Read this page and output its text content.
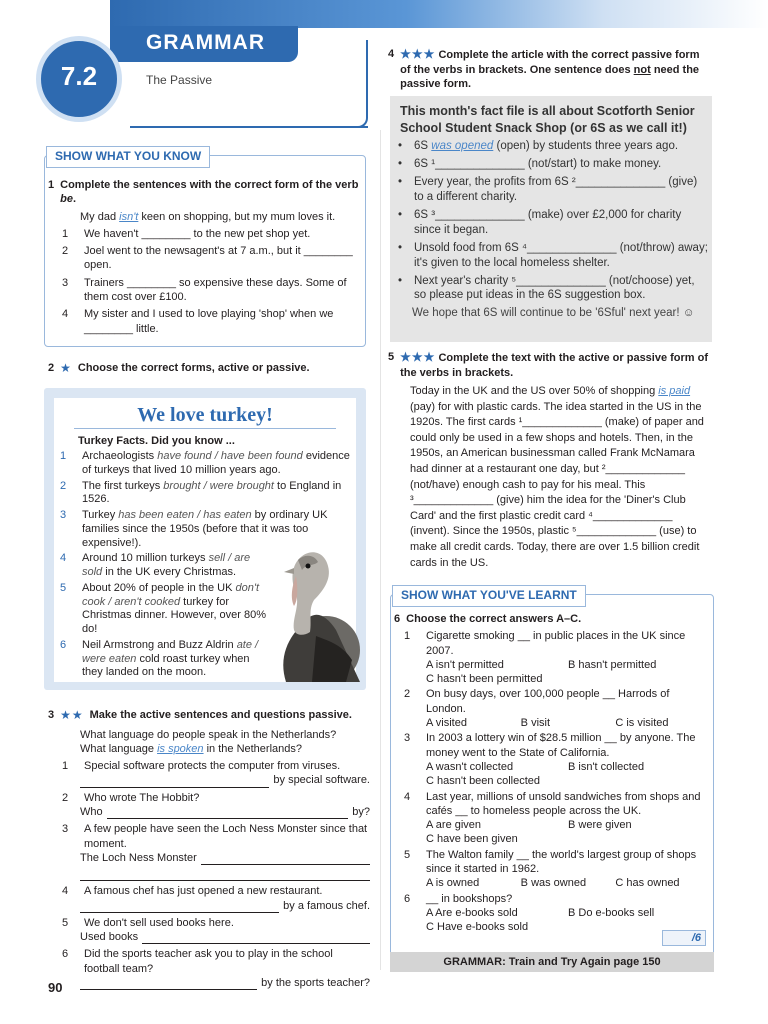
GRAMMAR
7.2	The Passive
SHOW WHAT YOU KNOW
1 Complete the sentences with the correct form of the verb be.
My dad isn't keen on shopping, but my mum loves it.
1	We haven't ________ to the new pet shop yet.
2	Joel went to the newsagent's at 7 a.m., but it ________ open.
3	Trainers ________ so expensive these days. Some of them cost over £100.
4	My sister and I used to love playing 'shop' when we ________ little.
2 ★ Choose the correct forms, active or passive.
We love turkey!
Turkey Facts. Did you know ...
1	Archaeologists have found / have been found evidence of turkeys that lived 10 million years ago.
2	The first turkeys brought / were brought to England in 1526.
3	Turkey has been eaten / has eaten by ordinary UK families since the 1950s (before that it was too expensive!).
4	Around 10 million turkeys sell / are sold in the UK every Christmas.
5	About 20% of people in the UK don't cook / aren't cooked turkey for Christmas dinner. However, over 80% do!
6	Neil Armstrong and Buzz Aldrin ate / were eaten cold roast turkey when they landed on the moon.
3 ★★ Make the active sentences and questions passive.
What language do people speak in the Netherlands?
What language is spoken in the Netherlands?
1	Special software protects the computer from viruses.
by special software.
2	Who wrote The Hobbit?
Who	by?
3	A few people have seen the Loch Ness Monster since that moment.
The Loch Ness Monster
4	A famous chef has just opened a new restaurant.
by a famous chef.
5	We don't sell used books here.
Used books
6	Did the sports teacher ask you to play in the school football team?
by the sports teacher?
90
4 ★★★ Complete the article with the correct passive form of the verbs in brackets. One sentence does not need the passive form.
This month's fact file is all about Scotforth Senior School Student Snack Shop (or 6S as we call it!)
•	6S was opened (open) by students three years ago.
•	6S ¹______________ (not/start) to make money.
•	Every year, the profits from 6S ²______________ (give) to a different charity.
•	6S ³______________ (make) over £2,000 for charity since it began.
•	Unsold food from 6S ⁴______________ (not/throw) away; it's given to the local homeless shelter.
•	Next year's charity ⁵______________ (not/choose) yet, so please put ideas in the 6S suggestion box.
We hope that 6S will continue to be '6Sful' next year! ☺
5 ★★★ Complete the text with the active or passive form of the verbs in brackets.
Today in the UK and the US over 50% of shopping is paid (pay) for with plastic cards. The idea started in the US in the 1920s. The first cards ¹_____________ (make) of paper and could only be used in a few shops and hotels. Then, in the 1950s, an American businessman called Frank McNamara had dinner at a restaurant one day, but ²_____________ (not/have) enough cash to pay for his meal. This ³_____________ (give) him the idea for the 'Diner's Club Card' and the first plastic credit card ⁴_____________ (invent). Since the 1950s, plastic ⁵_____________ (use) to make all credit cards. Today, there are over 1.5 billion credit cards in the US.
SHOW WHAT YOU'VE LEARNT
6 Choose the correct answers A–C.
1	Cigarette smoking __ in public places in the UK since 2007.
A isn't permitted	B hasn't permitted
C hasn't been permitted
2	On busy days, over 100,000 people __ Harrods of London.
A visited	B visit	C is visited
3	In 2003 a lottery win of $28.5 million __ by anyone. The money went to the State of California.
A wasn't collected	B isn't collected
C hasn't been collected
4	Last year, millions of unsold sandwiches from shops and cafés __ to homeless people across the UK.
A are given	B were given
C have been given
5	The Walton family __ the world's largest group of shops since it started in 1962.
A is owned	B was owned	C has owned
6	__ in bookshops?
A Are e-books sold	B Do e-books sell
C Have e-books sold
/6
GRAMMAR: Train and Try Again page 150
